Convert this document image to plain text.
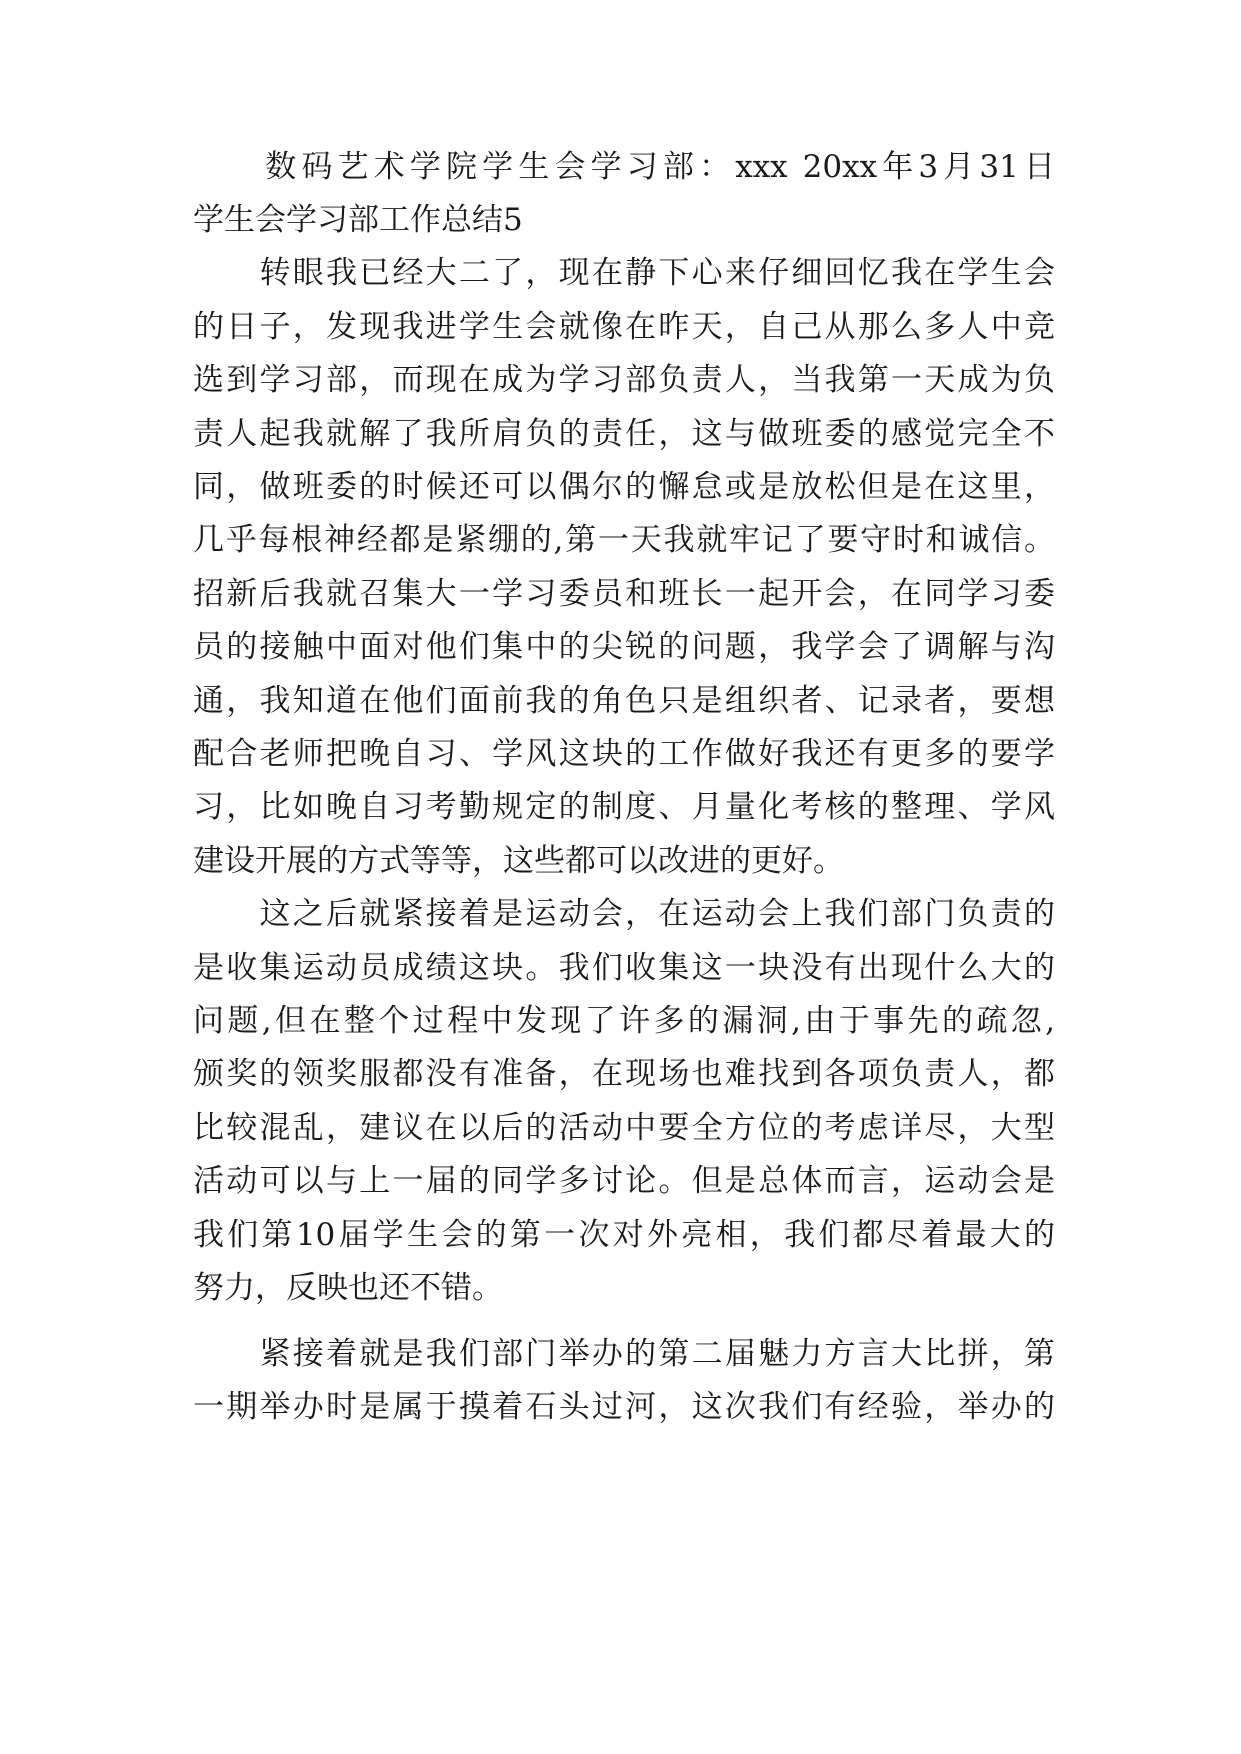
　　数码艺术学院学生会学习部：xxx 20xx年3月31日
学生会学习部工作总结5
　　转眼我已经大二了，现在静下心来仔细回忆我在学生会
的日子，发现我进学生会就像在昨天，自己从那么多人中竞
选到学习部，而现在成为学习部负责人，当我第一天成为负
责人起我就解了我所肩负的责任，这与做班委的感觉完全不
同，做班委的时候还可以偶尔的懈怠或是放松但是在这里，
几乎每根神经都是紧绷的,第一天我就牢记了要守时和诚信。
招新后我就召集大一学习委员和班长一起开会，在同学习委
员的接触中面对他们集中的尖锐的问题，我学会了调解与沟
通，我知道在他们面前我的角色只是组织者、记录者，要想
配合老师把晚自习、学风这块的工作做好我还有更多的要学
习，比如晚自习考勤规定的制度、月量化考核的整理、学风
建设开展的方式等等，这些都可以改进的更好。
　　这之后就紧接着是运动会，在运动会上我们部门负责的
是收集运动员成绩这块。我们收集这一块没有出现什么大的
问题,但在整个过程中发现了许多的漏洞,由于事先的疏忽,
颁奖的领奖服都没有准备，在现场也难找到各项负责人，都
比较混乱，建议在以后的活动中要全方位的考虑详尽，大型
活动可以与上一届的同学多讨论。但是总体而言，运动会是
我们第10届学生会的第一次对外亮相，我们都尽着最大的
努力，反映也还不错。
　　紧接着就是我们部门举办的第二届魅力方言大比拼，第
一期举办时是属于摸着石头过河，这次我们有经验，举办的
